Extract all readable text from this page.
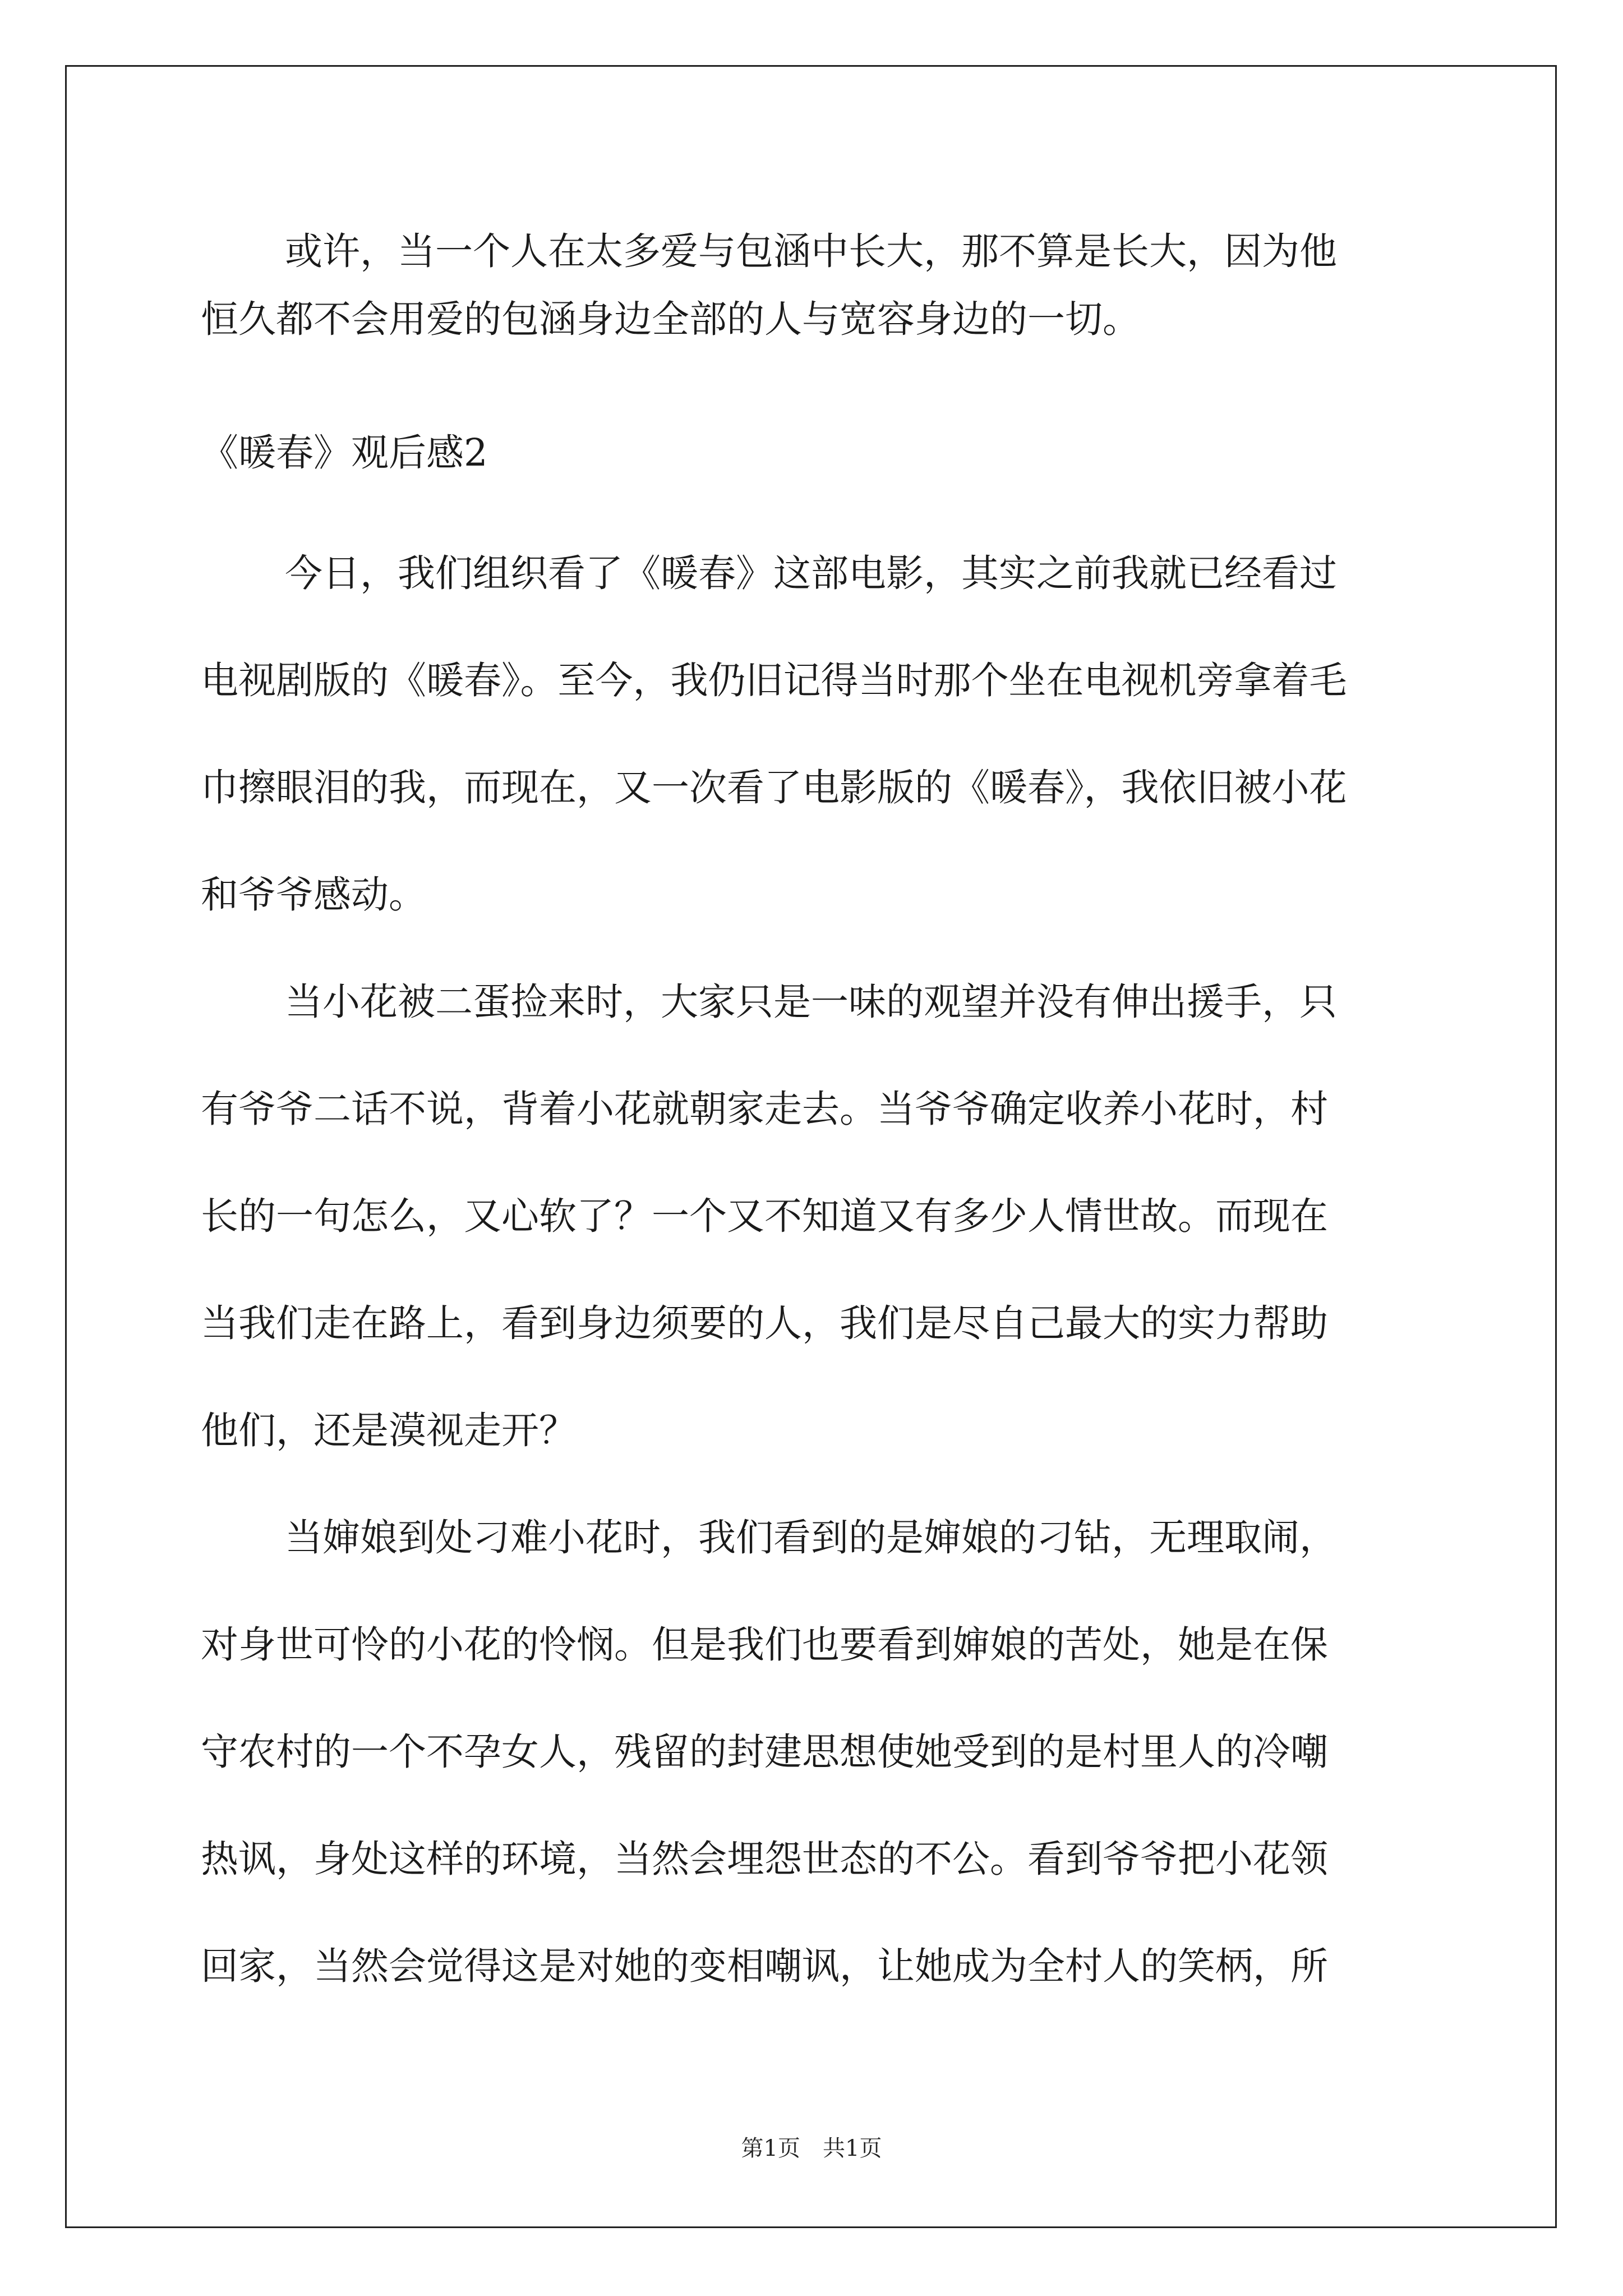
或许，当一个人在太多爱与包涵中长大，那不算是长大，因为他
恒久都不会用爱的包涵身边全部的人与宽容身边的一切。
《暖春》观后感2
今日，我们组织看了《暖春》这部电影，其实之前我就已经看过
电视剧版的《暖春》。至今，我仍旧记得当时那个坐在电视机旁拿着毛
巾擦眼泪的我，而现在，又一次看了电影版的《暖春》，我依旧被小花
和爷爷感动。
当小花被二蛋捡来时，大家只是一味的观望并没有伸出援手，只
有爷爷二话不说，背着小花就朝家走去。当爷爷确定收养小花时，村
长的一句怎么，又心软了？一个又不知道又有多少人情世故。而现在
当我们走在路上，看到身边须要的人，我们是尽自己最大的实力帮助
他们，还是漠视走开？
当婶娘到处刁难小花时，我们看到的是婶娘的刁钻，无理取闹，
对身世可怜的小花的怜悯。但是我们也要看到婶娘的苦处，她是在保
守农村的一个不孕女人，残留的封建思想使她受到的是村里人的冷嘲
热讽，身处这样的环境，当然会埋怨世态的不公。看到爷爷把小花领
回家，当然会觉得这是对她的变相嘲讽，让她成为全村人的笑柄，所
第1页 共1页
